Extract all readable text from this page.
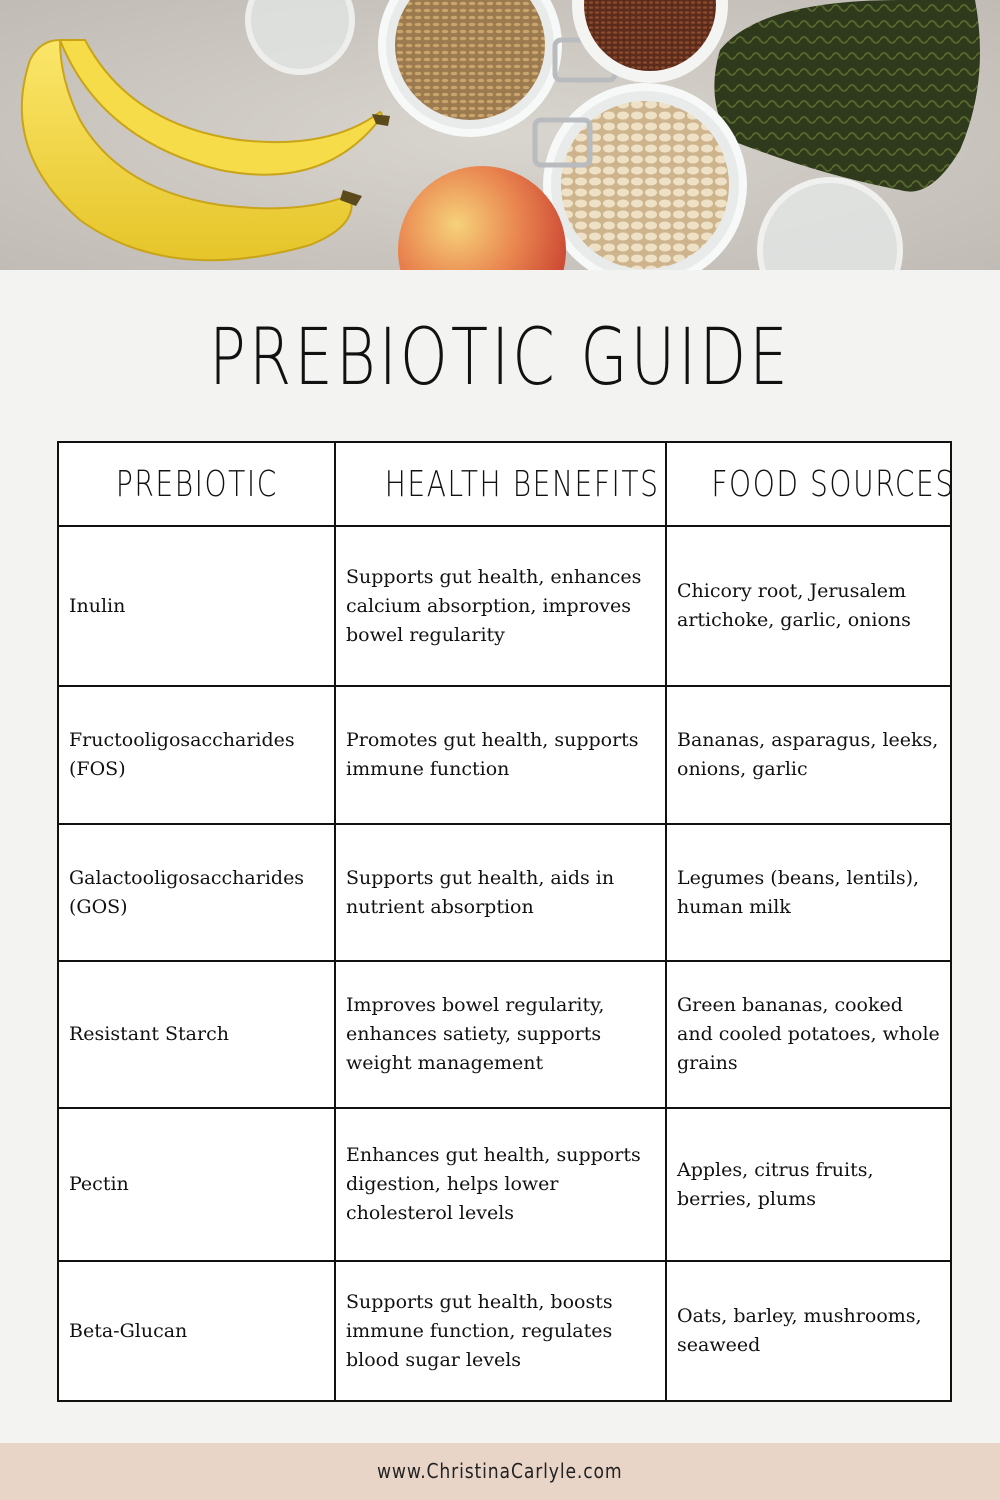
PREBIOTIC GUIDE
PREBIOTIC	HEALTH BENEFITS	FOOD SOURCES
Inulin	Supports gut health, enhances calcium absorption, improves bowel regularity	Chicory root, Jerusalem artichoke, garlic, onions
Fructooligosaccharides (FOS)	Promotes gut health, supports immune function	Bananas, asparagus, leeks, onions, garlic
Galactooligosaccharides (GOS)	Supports gut health, aids in nutrient absorption	Legumes (beans, lentils), human milk
Resistant Starch	Improves bowel regularity, enhances satiety, supports weight management	Green bananas, cooked and cooled potatoes, whole grains
Pectin	Enhances gut health, supports digestion, helps lower cholesterol levels	Apples, citrus fruits, berries, plums
Beta-Glucan	Supports gut health, boosts immune function, regulates blood sugar levels	Oats, barley, mushrooms, seaweed
www.ChristinaCarlyle.com
